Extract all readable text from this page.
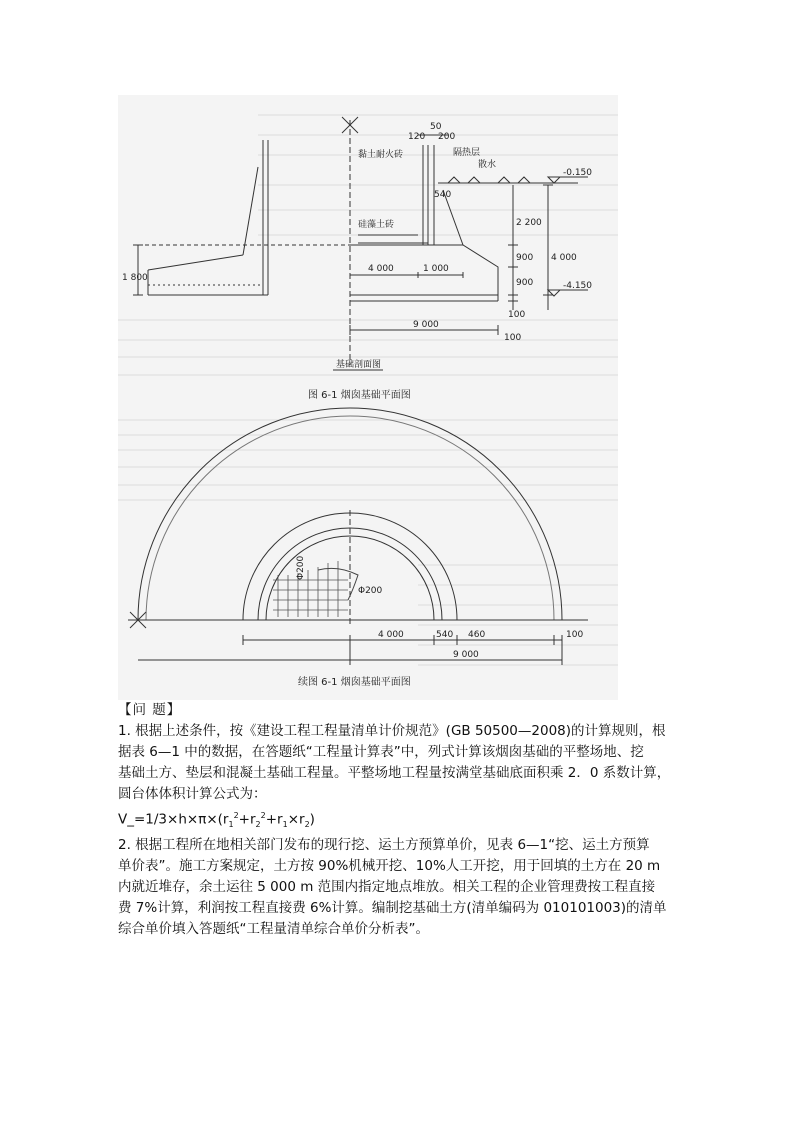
120
50
200
黏土耐火砖	隔热层
散水
-0.150
540
硅藻土砖	2 200
900 4 000
900	-4.150
100
4 000	1 000
9 000
100
1 800
基础剖面图
图 6-1 烟囱基础平面图
Φ200
Φ200
4 000	540 460	100
9 000
续图 6-1 烟囱基础平面图

【问 题】

1. 根据上述条件，按《建设工程工程量清单计价规范》(GB 50500—2008)的计算规则，根

据表 6—1 中的数据，在答题纸“工程量计算表”中，列式计算该烟囱基础的平整场地、挖

基础土方、垫层和混凝土基础工程量。平整场地工程量按满堂基础底面积乘 2．0 系数计算，

圆台体体积计算公式为：

$V\_=1/3\times h\times\pi\times(r_1^2+r_2^2+r_1\times r_2)$

2. 根据工程所在地相关部门发布的现行挖、运土方预算单价，见表 6—1“挖、运土方预算

单价表”。施工方案规定，土方按 90%机械开挖、10%人工开挖，用于回填的土方在 20 m

内就近堆存，余土运往 5 000 m 范围内指定地点堆放。相关工程的企业管理费按工程直接

费 7%计算，利润按工程直接费 6%计算。编制挖基础土方(清单编码为 010101003)的清单

综合单价填入答题纸“工程量清单综合单价分析表”。
